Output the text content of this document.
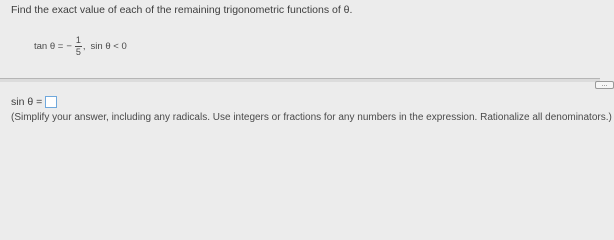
Find the exact value of each of the remaining trigonometric functions of θ.
tan θ = − $\frac{1}{5}$ , sin θ < 0
...
sin θ =
(Simplify your answer, including any radicals. Use integers or fractions for any numbers in the expression. Rationalize all denominators.)
